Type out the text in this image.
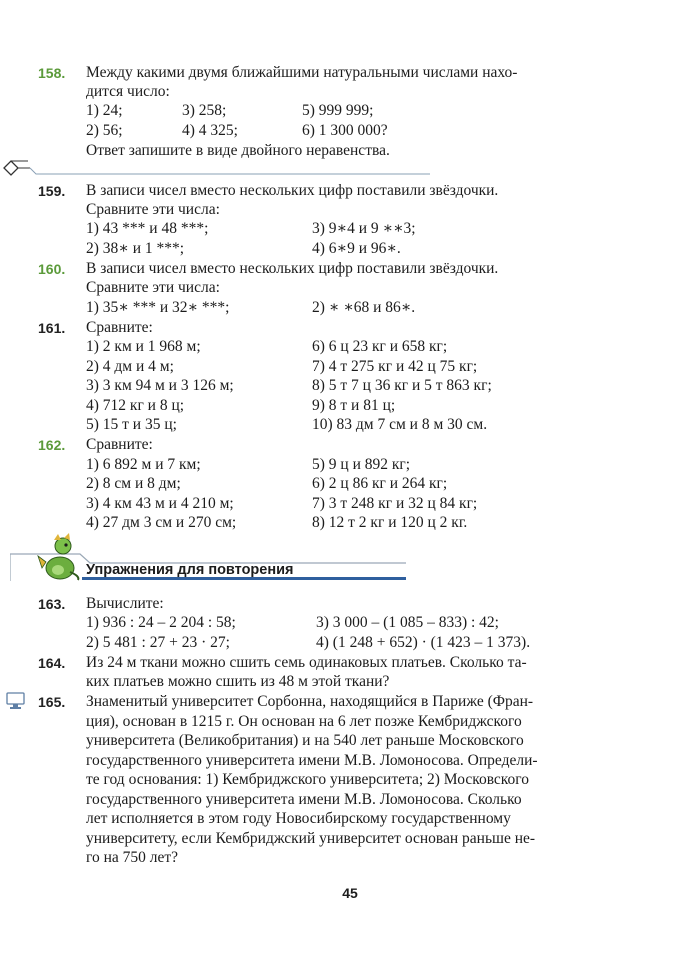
158. Между какими двумя ближайшими натуральными числами нахо-
дится число:
1) 24;	3) 258;	5) 999 999;
2) 56;	4) 4 325;	6) 1 300 000?
Ответ запишите в виде двойного неравенства.
159. В записи чисел вместо нескольких цифр поставили звёздочки.
Сравните эти числа:
1) 43 *** и 48 ***;	3) 9∗4 и 9 ∗∗3;
2) 38∗ и 1 ***;	4) 6∗9 и 96∗.
160. В записи чисел вместо нескольких цифр поставили звёздочки.
Сравните эти числа:
1) 35∗ *** и 32∗ ***;	2) ∗ ∗68 и 86∗.
161. Сравните:
1) 2 км и 1 968 м;	6) 6 ц 23 кг и 658 кг;
2) 4 дм и 4 м;	7) 4 т 275 кг и 42 ц 75 кг;
3) 3 км 94 м и 3 126 м;	8) 5 т 7 ц 36 кг и 5 т 863 кг;
4) 712 кг и 8 ц;	9) 8 т и 81 ц;
5) 15 т и 35 ц;	10) 83 дм 7 см и 8 м 30 см.
162. Сравните:
1) 6 892 м и 7 км;	5) 9 ц и 892 кг;
2) 8 см и 8 дм;	6) 2 ц 86 кг и 264 кг;
3) 4 км 43 м и 4 210 м;	7) 3 т 248 кг и 32 ц 84 кг;
4) 27 дм 3 см и 270 см;	8) 12 т 2 кг и 120 ц 2 кг.
Упражнения для повторения
163. Вычислите:
1) 936 : 24 – 2 204 : 58;	3) 3 000 – (1 085 – 833) : 42;
2) 5 481 : 27 + 23 · 27;	4) (1 248 + 652) · (1 423 – 1 373).
164. Из 24 м ткани можно сшить семь одинаковых платьев. Сколько та-
ких платьев можно сшить из 48 м этой ткани?
165. Знаменитый университет Сорбонна, находящийся в Париже (Фран-
ция), основан в 1215 г. Он основан на 6 лет позже Кембриджского
университета (Великобритания) и на 540 лет раньше Московского
государственного университета имени М.В. Ломоносова. Определи-
те год основания: 1) Кембриджского университета; 2) Московского
государственного университета имени М.В. Ломоносова. Сколько
лет исполняется в этом году Новосибирскому государственному
университету, если Кембриджский университет основан раньше не-
го на 750 лет?
45
